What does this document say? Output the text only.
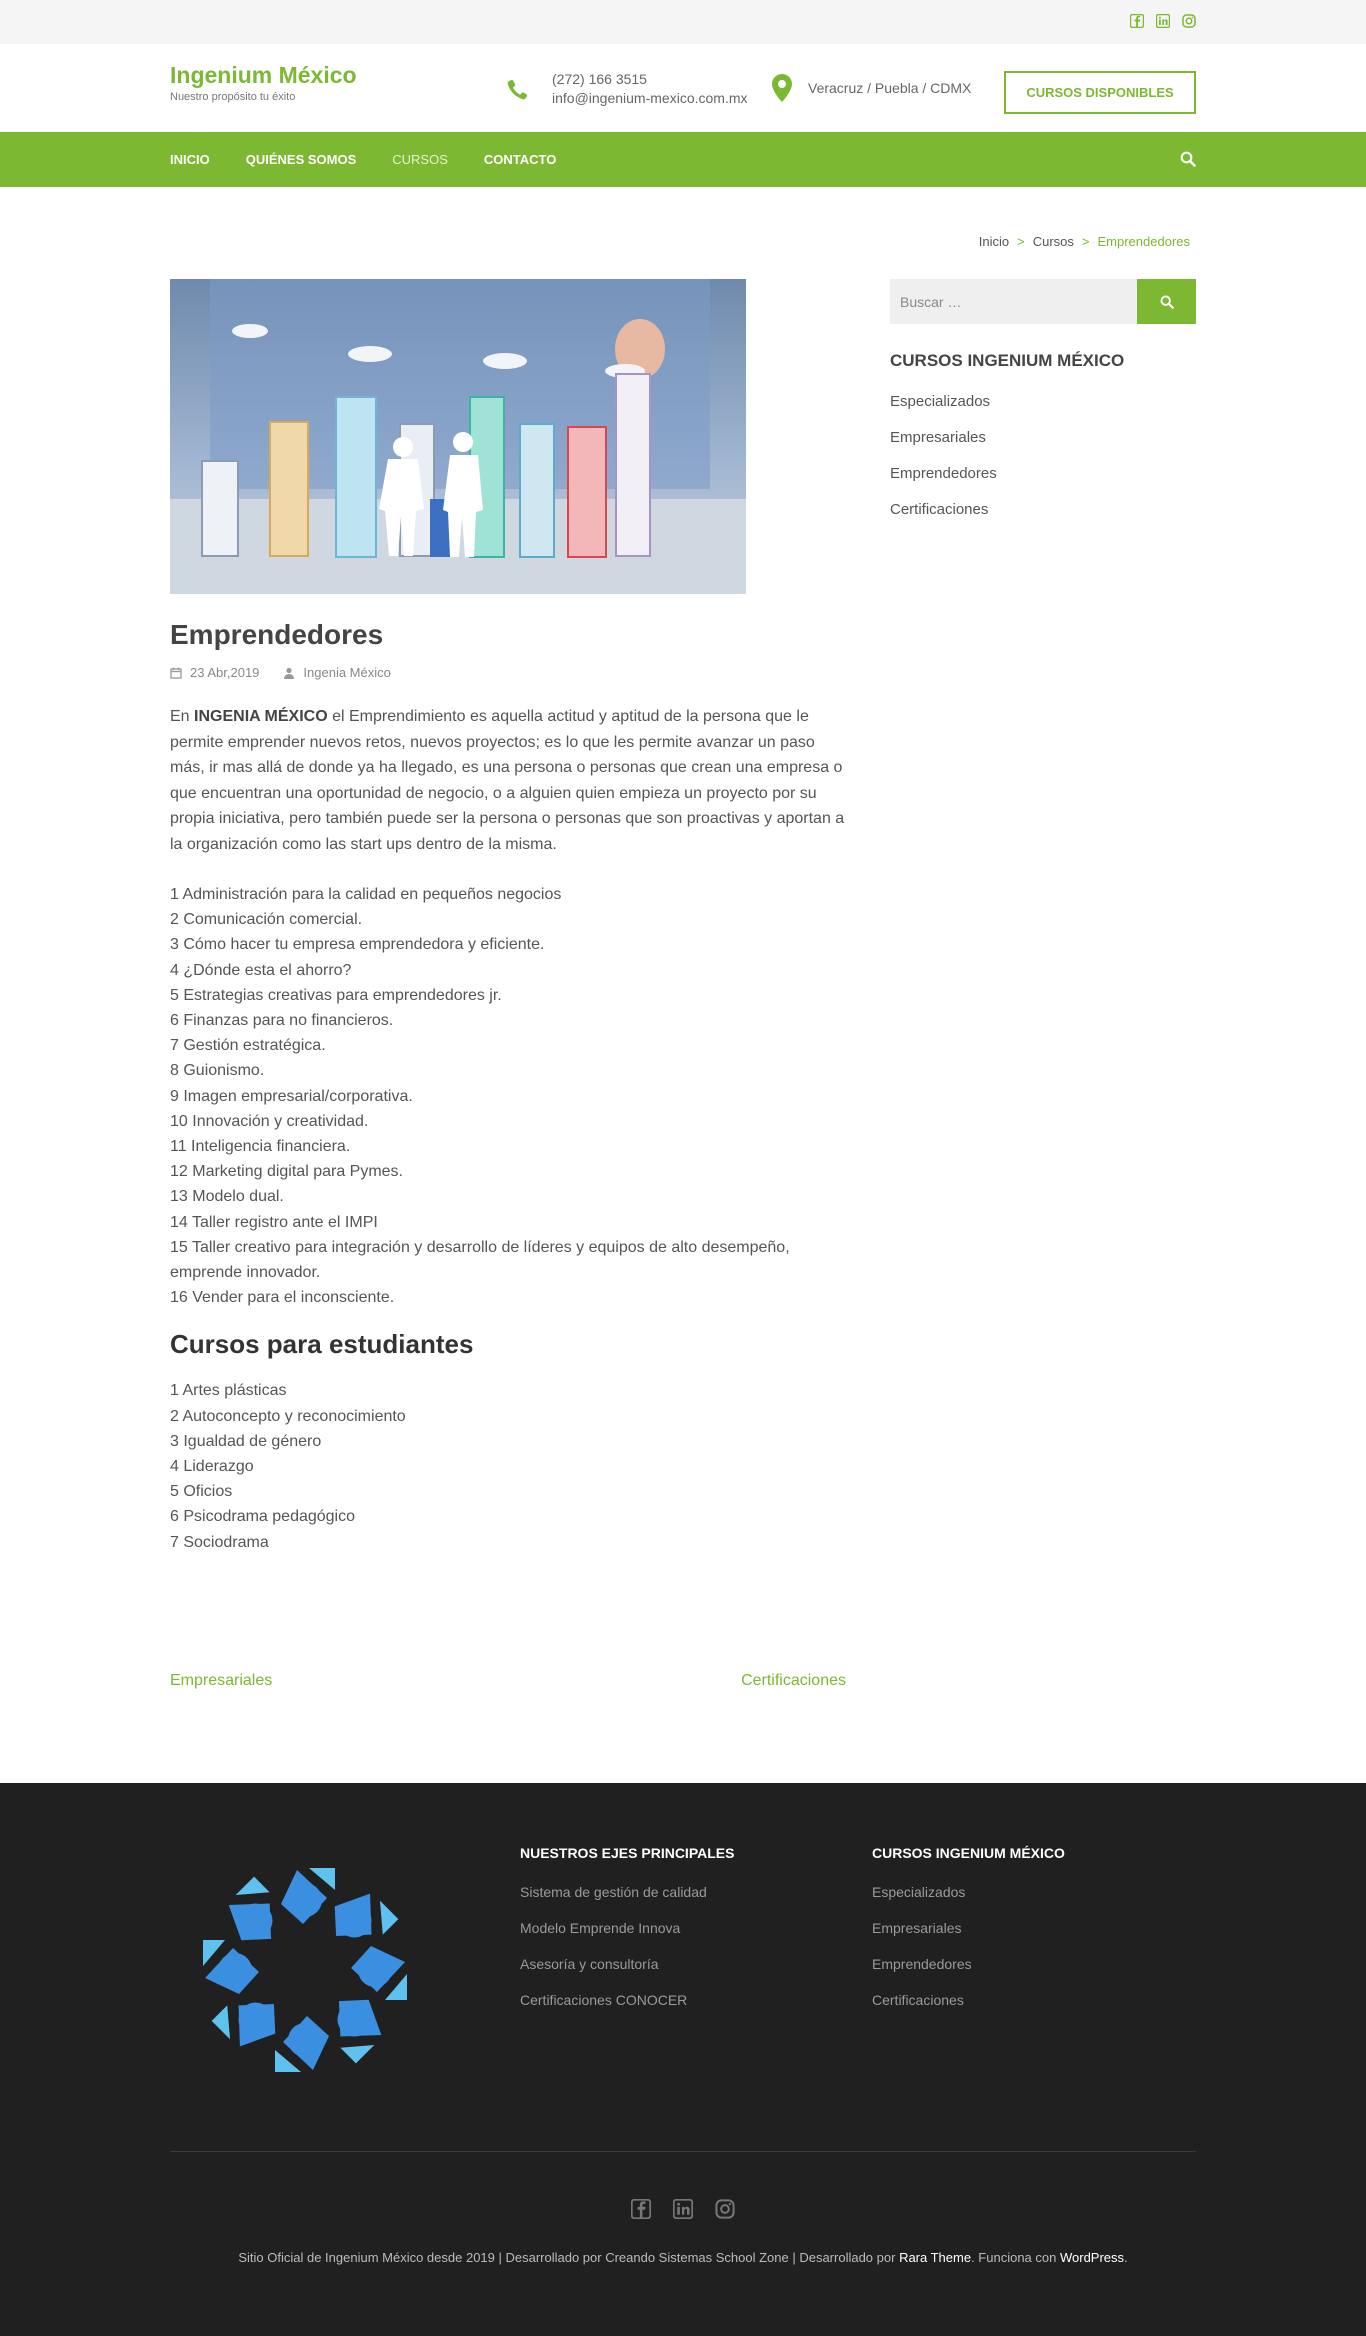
Ingenium México
Nuestro propósito tu éxito
(272) 166 3515
info@ingenium-mexico.com.mx
Veracruz / Puebla / CDMX	CURSOS DISPONIBLES
INICIO	QUIÉNES SOMOS	CURSOS	CONTACTO
Inicio > Cursos > Emprendedores
Emprendedores
23 Abr,2019	Ingenia México

En INGENIA MÉXICO el Emprendimiento es aquella actitud y aptitud de la persona que le permite emprender nuevos retos, nuevos proyectos; es lo que les permite avanzar un paso más, ir mas allá de donde ya ha llegado, es una persona o personas que crean una empresa o que encuentran una oportunidad de negocio, o a alguien quien empieza un proyecto por su propia iniciativa, pero también puede ser la persona o personas que son proactivas y aportan a la organización como las start ups dentro de la misma.

1 Administración para la calidad en pequeños negocios
2 Comunicación comercial.
3 Cómo hacer tu empresa emprendedora y eficiente.
4 ¿Dónde esta el ahorro?
5 Estrategias creativas para emprendedores jr.
6 Finanzas para no financieros.
7 Gestión estratégica.
8 Guionismo.
9 Imagen empresarial/corporativa.
10 Innovación y creatividad.
11 Inteligencia financiera.
12 Marketing digital para Pymes.
13 Modelo dual.
14 Taller registro ante el IMPI
15 Taller creativo para integración y desarrollo de líderes y equipos de alto desempeño, emprende innovador.
16 Vender para el inconsciente.
Cursos para estudiantes
1 Artes plásticas
2 Autoconcepto y reconocimiento
3 Igualdad de género
4 Liderazgo
5 Oficios
6 Psicodrama pedagógico
7 Sociodrama
Empresariales	Certificaciones
Buscar …
CURSOS INGENIUM MÉXICO
Especializados
Empresariales
Emprendedores
Certificaciones
NUESTROS EJES PRINCIPALES
Sistema de gestión de calidad
Modelo Emprende Innova
Asesoría y consultoría
Certificaciones CONOCER
CURSOS INGENIUM MÉXICO
Especializados
Empresariales
Emprendedores
Certificaciones
Sitio Oficial de Ingenium México desde 2019 | Desarrollado por Creando Sistemas School Zone | Desarrollado por Rara Theme. Funciona con WordPress.
